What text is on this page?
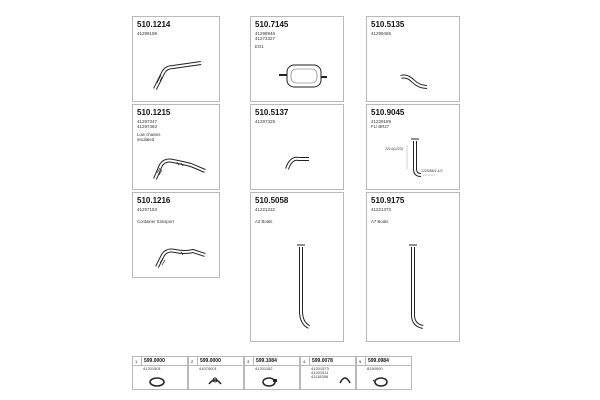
510.1214
41299199
510.7145
41298946
41272327
EO1
510.5135
41299465
510.1215
41297347
41297463
Low chassis
insulated
510.5137
41297329
510.9045
41229159
FL/ BR27
2214(1223)
1225/86/1.4/2
510.1216
41297153
Container transport
510.5058
41221232
A2 Boats
510.9175
41221373
A7 Boats
1 599.0000
41201501
2 599.0000
41070001
3 599.1084
41201152
4 599.0078
41201573
41201511
41118306
5 599.0984
8150000
